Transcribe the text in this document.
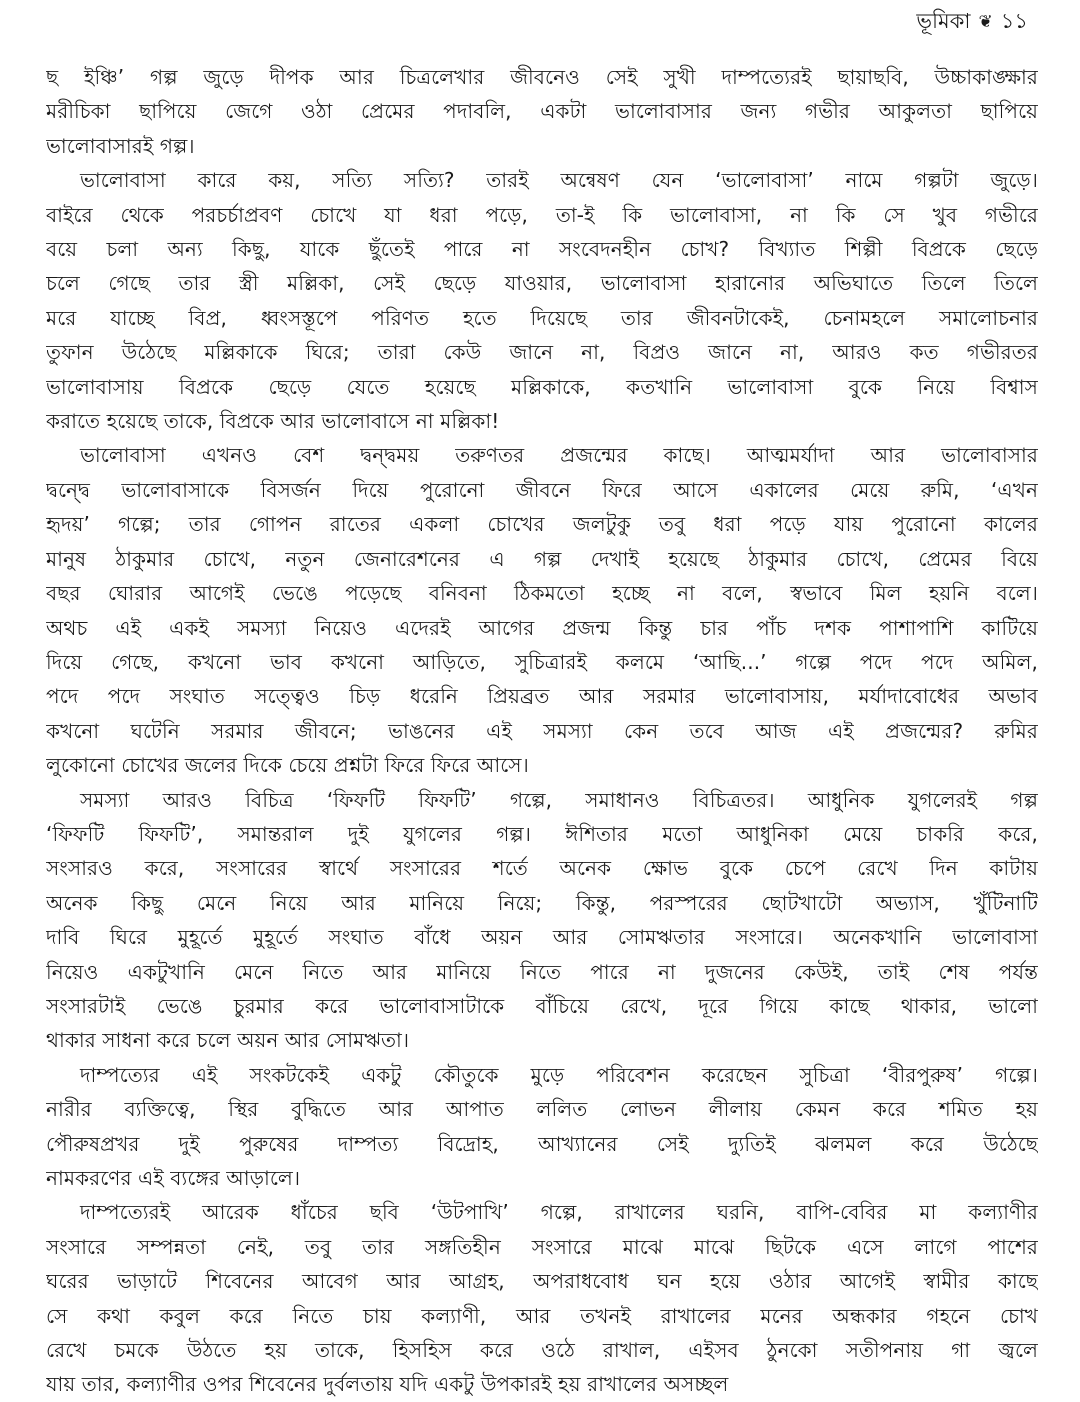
ভূমিকা ❦ ১১
ছ ইঞ্চি’ গল্প জুড়ে দীপক আর চিত্রলেখার জীবনেও সেই সুখী দাম্পত্যেরই ছায়াছবি, উচ্চাকাঙ্ক্ষার
মরীচিকা ছাপিয়ে জেগে ওঠা প্রেমের পদাবলি, একটা ভালোবাসার জন্য গভীর আকুলতা ছাপিয়ে
ভালোবাসারই গল্প।
ভালোবাসা কারে কয়, সত্যি সত্যি? তারই অন্বেষণ যেন ‘ভালোবাসা’ নামে গল্পটা জুড়ে।
বাইরে থেকে পরচর্চাপ্রবণ চোখে যা ধরা পড়ে, তা-ই কি ভালোবাসা, না কি সে খুব গভীরে
বয়ে চলা অন্য কিছু, যাকে ছুঁতেই পারে না সংবেদনহীন চোখ? বিখ্যাত শিল্পী বিপ্রকে ছেড়ে
চলে গেছে তার স্ত্রী মল্লিকা, সেই ছেড়ে যাওয়ার, ভালোবাসা হারানোর অভিঘাতে তিলে তিলে
মরে যাচ্ছে বিপ্র, ধ্বংসস্তূপে পরিণত হতে দিয়েছে তার জীবনটাকেই, চেনামহলে সমালোচনার
তুফান উঠেছে মল্লিকাকে ঘিরে; তারা কেউ জানে না, বিপ্রও জানে না, আরও কত গভীরতর
ভালোবাসায় বিপ্রকে ছেড়ে যেতে হয়েছে মল্লিকাকে, কতখানি ভালোবাসা বুকে নিয়ে বিশ্বাস
করাতে হয়েছে তাকে, বিপ্রকে আর ভালোবাসে না মল্লিকা!
ভালোবাসা এখনও বেশ দ্বন্দ্বময় তরুণতর প্রজন্মের কাছে। আত্মমর্যাদা আর ভালোবাসার
দ্বন্দ্বে ভালোবাসাকে বিসর্জন দিয়ে পুরোনো জীবনে ফিরে আসে একালের মেয়ে রুমি, ‘এখন
হৃদয়’ গল্পে; তার গোপন রাতের একলা চোখের জলটুকু তবু ধরা পড়ে যায় পুরোনো কালের
মানুষ ঠাকুমার চোখে, নতুন জেনারেশনের এ গল্প দেখাই হয়েছে ঠাকুমার চোখে, প্রেমের বিয়ে
বছর ঘোরার আগেই ভেঙে পড়েছে বনিবনা ঠিকমতো হচ্ছে না বলে, স্বভাবে মিল হয়নি বলে।
অথচ এই একই সমস্যা নিয়েও এদেরই আগের প্রজন্ম কিন্তু চার পাঁচ দশক পাশাপাশি কাটিয়ে
দিয়ে গেছে, কখনো ভাব কখনো আড়িতে, সুচিত্রারই কলমে ‘আছি...’ গল্পে পদে পদে অমিল,
পদে পদে সংঘাত সত্ত্বেও চিড় ধরেনি প্রিয়ব্রত আর সরমার ভালোবাসায়, মর্যাদাবোধের অভাব
কখনো ঘটেনি সরমার জীবনে; ভাঙনের এই সমস্যা কেন তবে আজ এই প্রজন্মের? রুমির
লুকোনো চোখের জলের দিকে চেয়ে প্রশ্নটা ফিরে ফিরে আসে।
সমস্যা আরও বিচিত্র ‘ফিফটি ফিফটি’ গল্পে, সমাধানও বিচিত্রতর। আধুনিক যুগলেরই গল্প
‘ফিফটি ফিফটি’, সমান্তরাল দুই যুগলের গল্প। ঈশিতার মতো আধুনিকা মেয়ে চাকরি করে,
সংসারও করে, সংসারের স্বার্থে সংসারের শর্তে অনেক ক্ষোভ বুকে চেপে রেখে দিন কাটায়
অনেক কিছু মেনে নিয়ে আর মানিয়ে নিয়ে; কিন্তু, পরস্পরের ছোটখাটো অভ্যাস, খুঁটিনাটি
দাবি ঘিরে মুহূর্তে মুহূর্তে সংঘাত বাঁধে অয়ন আর সোমঋতার সংসারে। অনেকখানি ভালোবাসা
নিয়েও একটুখানি মেনে নিতে আর মানিয়ে নিতে পারে না দুজনের কেউই, তাই শেষ পর্যন্ত
সংসারটাই ভেঙে চুরমার করে ভালোবাসাটাকে বাঁচিয়ে রেখে, দূরে গিয়ে কাছে থাকার, ভালো
থাকার সাধনা করে চলে অয়ন আর সোমঋতা।
দাম্পত্যের এই সংকটকেই একটু কৌতুকে মুড়ে পরিবেশন করেছেন সুচিত্রা ‘বীরপুরুষ’ গল্পে।
নারীর ব্যক্তিত্বে, স্থির বুদ্ধিতে আর আপাত ললিত লোভন লীলায় কেমন করে শমিত হয়
পৌরুষপ্রখর দুই পুরুষের দাম্পত্য বিদ্রোহ, আখ্যানের সেই দ্যুতিই ঝলমল করে উঠেছে
নামকরণের এই ব্যঙ্গের আড়ালে।
দাম্পত্যেরই আরেক ধাঁচের ছবি ‘উটপাখি’ গল্পে, রাখালের ঘরনি, বাপি-বেবির মা কল্যাণীর
সংসারে সম্পন্নতা নেই, তবু তার সঙ্গতিহীন সংসারে মাঝে মাঝে ছিটকে এসে লাগে পাশের
ঘরের ভাড়াটে শিবেনের আবেগ আর আগ্রহ, অপরাধবোধ ঘন হয়ে ওঠার আগেই স্বামীর কাছে
সে কথা কবুল করে নিতে চায় কল্যাণী, আর তখনই রাখালের মনের অন্ধকার গহনে চোখ
রেখে চমকে উঠতে হয় তাকে, হিসহিস করে ওঠে রাখাল, এইসব ঠুনকো সতীপনায় গা জ্বলে
যায় তার, কল্যাণীর ওপর শিবেনের দুর্বলতায় যদি একটু উপকারই হয় রাখালের অসচ্ছল
